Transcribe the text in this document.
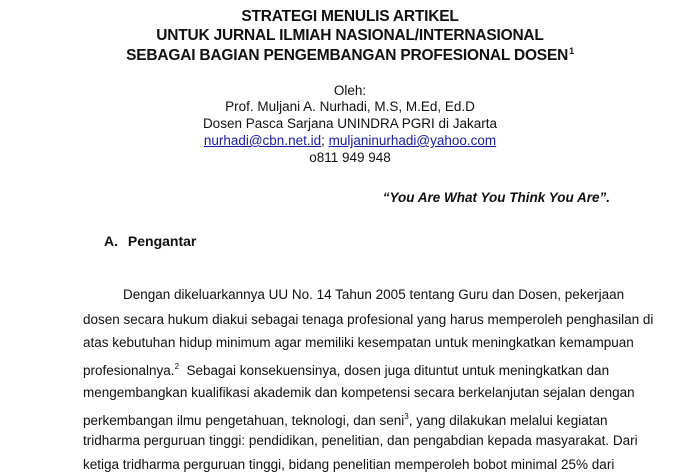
STRATEGI MENULIS ARTIKEL
UNTUK JURNAL ILMIAH NASIONAL/INTERNASIONAL
SEBAGAI BAGIAN PENGEMBANGAN PROFESIONAL DOSEN$^1$
Oleh:
Prof. Muljani A. Nurhadi, M.S, M.Ed, Ed.D
Dosen Pasca Sarjana UNINDRA PGRI di Jakarta
nurhadi@cbn.net.id; muljaninurhadi@yahoo.com
o811 949 948
“You Are What You Think You Are”.
A. Pengantar
Dengan dikeluarkannya UU No. 14 Tahun 2005 tentang Guru dan Dosen, pekerjaan
dosen secara hukum diakui sebagai tenaga profesional yang harus memperoleh penghasilan di
atas kebutuhan hidup minimum agar memiliki kesempatan untuk meningkatkan kemampuan
profesionalnya.$^2$  Sebagai konsekuensinya, dosen juga dituntut untuk meningkatkan dan
mengembangkan kualifikasi akademik dan kompetensi secara berkelanjutan sejalan dengan
perkembangan ilmu pengetahuan, teknologi, dan seni$^3$, yang dilakukan melalui kegiatan
tridharma perguruan tinggi: pendidikan, penelitian, dan pengabdian kepada masyarakat. Dari
ketiga tridharma perguruan tinggi, bidang penelitian memperoleh bobot minimal 25% dari
